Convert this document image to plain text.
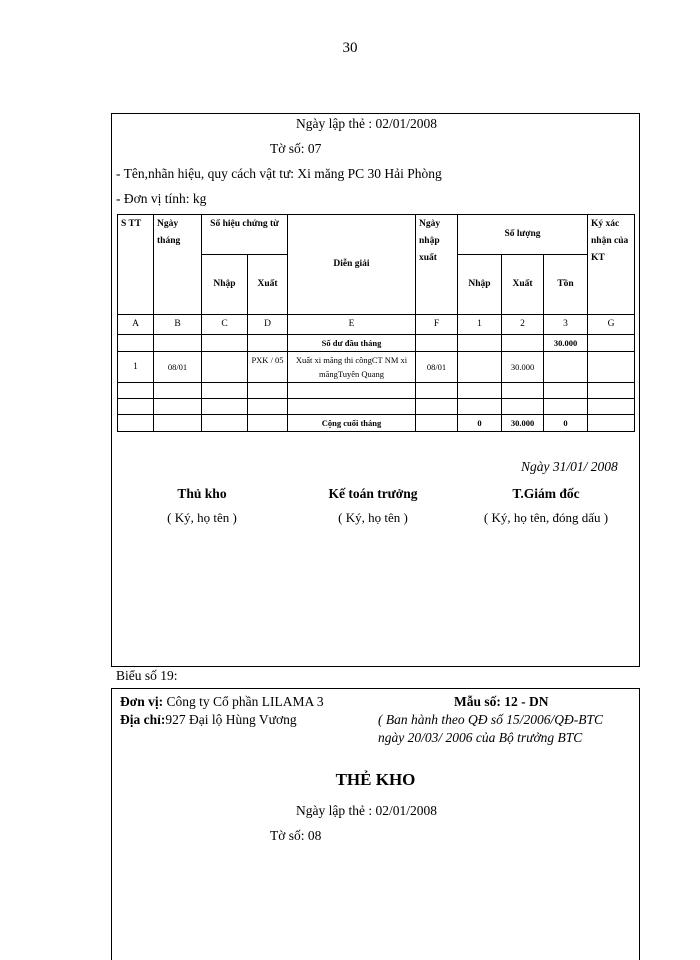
30
Ngày lập thẻ : 02/01/2008
Tờ số: 07
- Tên,nhãn hiệu, quy cách vật tư: Xi măng PC 30 Hải Phòng
- Đơn vị tính: kg
S TT	Ngày tháng	Số hiệu chứng từ		Diễn giải	Ngày nhập xuất	Số lượng			Ký xác nhận của KT
		Nhập	Xuất			Nhập	Xuất	Tồn	
A	B	C	D	E	F	1	2	3	G
				Số dư đầu tháng				30.000	
1	08/01		PXK / 05	Xuất xi măng thi côngCT NM xi măngTuyên Quang	08/01		30.000		

				Cộng cuối tháng		0	30.000	0	
Ngày 31/01/ 2008
Thủ kho
( Ký, họ tên )
Kế toán trưởng
( Ký, họ tên )
T.Giám đốc
( Ký, họ tên, đóng dấu )
Biểu số 19:
Đơn vị: Công ty Cổ phần LILAMA 3
Địa chỉ:927 Đại lộ Hùng Vương
Mẫu số: 12 - DN
( Ban hành theo QĐ số 15/2006/QĐ-BTC
ngày 20/03/ 2006 của Bộ trưởng BTC
THẺ KHO
Ngày lập thẻ : 02/01/2008
Tờ số: 08
